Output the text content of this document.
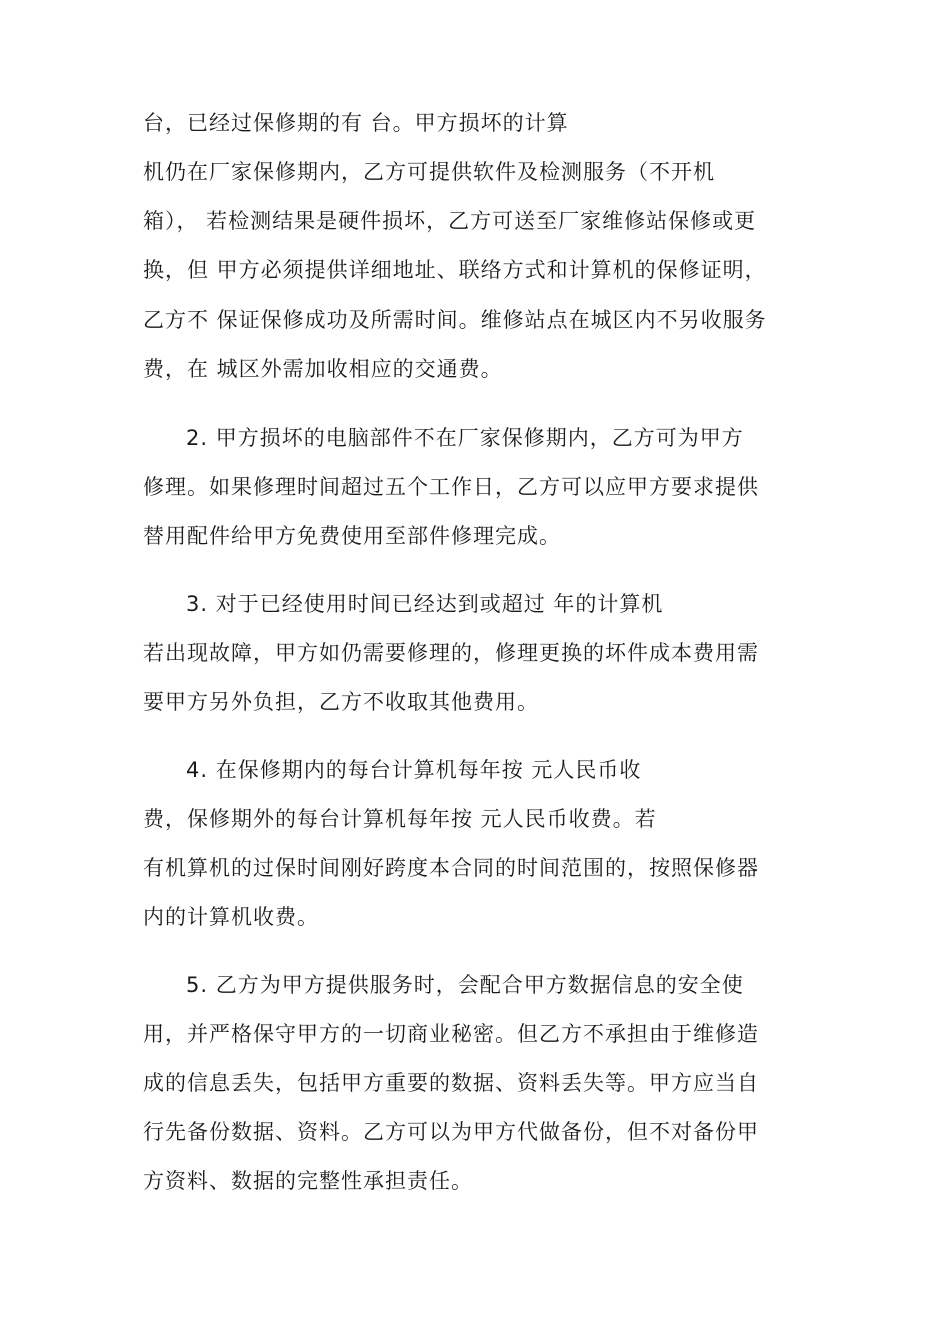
台，已经过保修期的有 台。甲方损坏的计算
机仍在厂家保修期内，乙方可提供软件及检测服务（不开机
箱）， 若检测结果是硬件损坏，乙方可送至厂家维修站保修或更
换，但 甲方必须提供详细地址、联络方式和计算机的保修证明，
乙方不 保证保修成功及所需时间。维修站点在城区内不另收服务
费，在 城区外需加收相应的交通费。
2. 甲方损坏的电脑部件不在厂家保修期内，乙方可为甲方
修理。如果修理时间超过五个工作日，乙方可以应甲方要求提供
替用配件给甲方免费使用至部件修理完成。
3. 对于已经使用时间已经达到或超过 年的计算机
若出现故障，甲方如仍需要修理的，修理更换的坏件成本费用需
要甲方另外负担，乙方不收取其他费用。
4. 在保修期内的每台计算机每年按 元人民币收
费，保修期外的每台计算机每年按 元人民币收费。若
有机算机的过保时间刚好跨度本合同的时间范围的，按照保修器
内的计算机收费。
5. 乙方为甲方提供服务时，会配合甲方数据信息的安全使
用，并严格保守甲方的一切商业秘密。但乙方不承担由于维修造
成的信息丢失，包括甲方重要的数据、资料丢失等。甲方应当自
行先备份数据、资料。乙方可以为甲方代做备份，但不对备份甲
方资料、数据的完整性承担责任。
